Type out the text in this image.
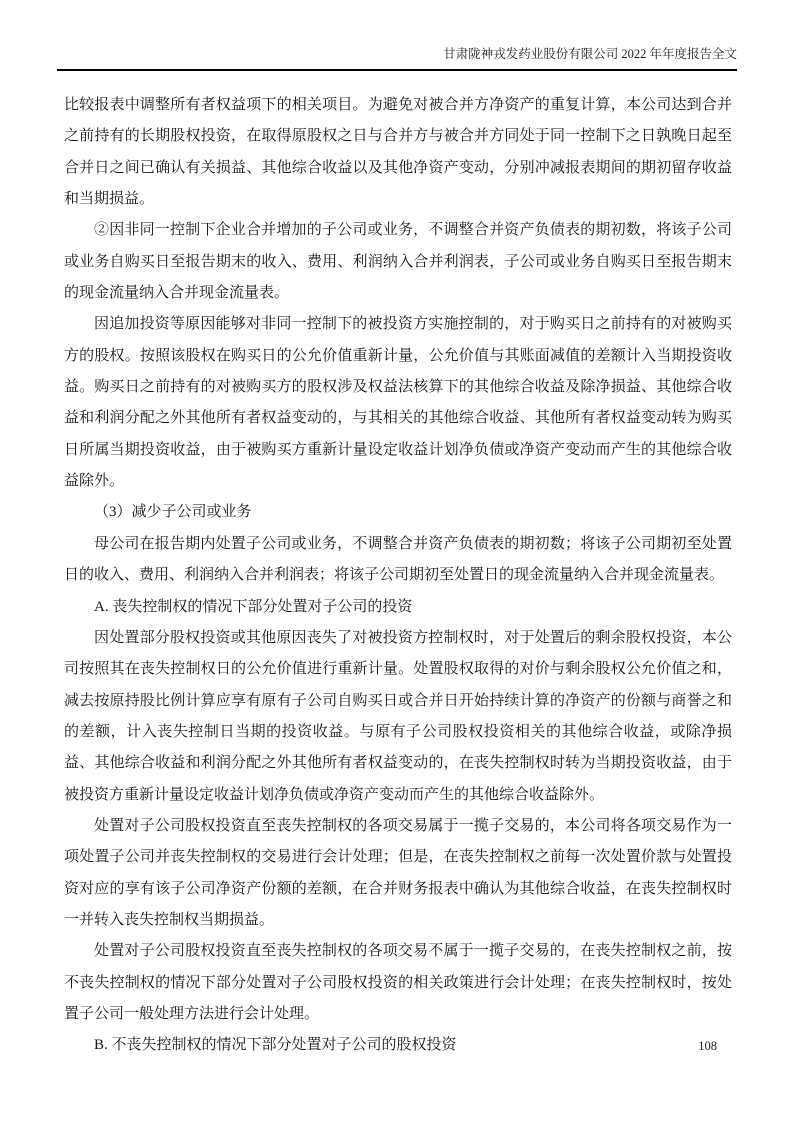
甘肃陇神戎发药业股份有限公司 2022 年年度报告全文

比较报表中调整所有者权益项下的相关项目。为避免对被合并方净资产的重复计算，本公司达到合并之前持有的长期股权投资，在取得原股权之日与合并方与被合并方同处于同一控制下之日孰晚日起至合并日之间已确认有关损益、其他综合收益以及其他净资产变动，分别冲减报表期间的期初留存收益和当期损益。

②因非同一控制下企业合并增加的子公司或业务，不调整合并资产负债表的期初数，将该子公司或业务自购买日至报告期末的收入、费用、利润纳入合并利润表，子公司或业务自购买日至报告期末的现金流量纳入合并现金流量表。

因追加投资等原因能够对非同一控制下的被投资方实施控制的，对于购买日之前持有的对被购买方的股权。按照该股权在购买日的公允价值重新计量，公允价值与其账面减值的差额计入当期投资收益。购买日之前持有的对被购买方的股权涉及权益法核算下的其他综合收益及除净损益、其他综合收益和利润分配之外其他所有者权益变动的，与其相关的其他综合收益、其他所有者权益变动转为购买日所属当期投资收益，由于被购买方重新计量设定收益计划净负债或净资产变动而产生的其他综合收益除外。

（3）减少子公司或业务

母公司在报告期内处置子公司或业务，不调整合并资产负债表的期初数；将该子公司期初至处置日的收入、费用、利润纳入合并利润表；将该子公司期初至处置日的现金流量纳入合并现金流量表。

A. 丧失控制权的情况下部分处置对子公司的投资

因处置部分股权投资或其他原因丧失了对被投资方控制权时，对于处置后的剩余股权投资，本公司按照其在丧失控制权日的公允价值进行重新计量。处置股权取得的对价与剩余股权公允价值之和，减去按原持股比例计算应享有原有子公司自购买日或合并日开始持续计算的净资产的份额与商誉之和的差额，计入丧失控制日当期的投资收益。与原有子公司股权投资相关的其他综合收益，或除净损益、其他综合收益和利润分配之外其他所有者权益变动的，在丧失控制权时转为当期投资收益，由于被投资方重新计量设定收益计划净负债或净资产变动而产生的其他综合收益除外。

处置对子公司股权投资直至丧失控制权的各项交易属于一揽子交易的，本公司将各项交易作为一项处置子公司并丧失控制权的交易进行会计处理；但是，在丧失控制权之前每一次处置价款与处置投资对应的享有该子公司净资产份额的差额，在合并财务报表中确认为其他综合收益，在丧失控制权时一并转入丧失控制权当期损益。

处置对子公司股权投资直至丧失控制权的各项交易不属于一揽子交易的，在丧失控制权之前，按不丧失控制权的情况下部分处置对子公司股权投资的相关政策进行会计处理；在丧失控制权时，按处置子公司一般处理方法进行会计处理。

B. 不丧失控制权的情况下部分处置对子公司的股权投资	108
